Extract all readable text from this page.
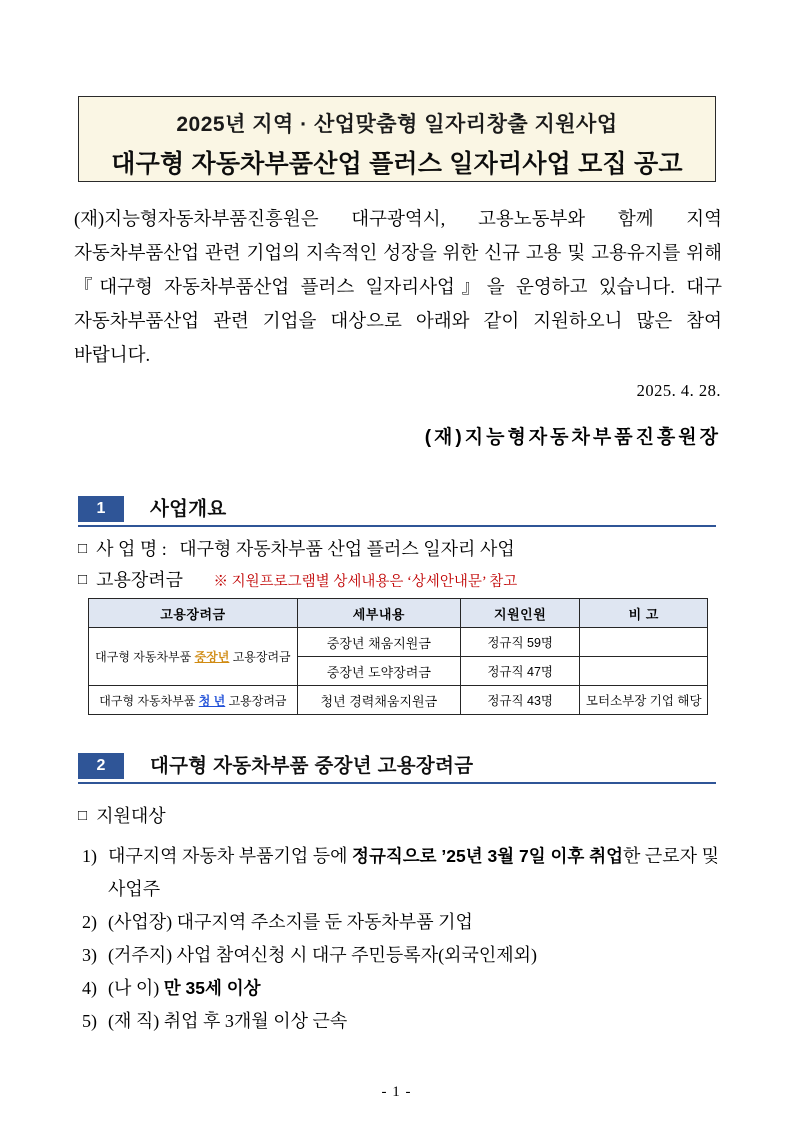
2025년 지역 · 산업맞춤형 일자리창출 지원사업
대구형 자동차부품산업 플러스 일자리사업 모집 공고

(재)지능형자동차부품진흥원은 대구광역시, 고용노동부와 함께 지역 자동차부품산업 관련 기업의 지속적인 성장을 위한 신규 고용 및 고용유지를 위해 『대구형 자동차부품산업 플러스 일자리사업』을 운영하고 있습니다. 대구 자동차부품산업 관련 기업을 대상으로 아래와 같이 지원하오니 많은 참여 바랍니다.

2025. 4. 28.
(재)지능형자동차부품진흥원장
1	사업개요
□ 사 업 명 : 대구형 자동차부품 산업 플러스 일자리 사업
□ 고용장려금 ※ 지원프로그램별 상세내용은 ‘상세안내문’ 참고
고용장려금	세부내용	지원인원	비 고
대구형 자동차부품 중장년 고용장려금	중장년 채움지원금	정규직 59명	
	중장년 도약장려금	정규직 47명	
대구형 자동차부품 청 년 고용장려금	청년 경력채움지원금	정규직 43명	모터소부장 기업 해당
2	대구형 자동차부품 중장년 고용장려금
□ 지원대상
1) 대구지역 자동차 부품기업 등에 정규직으로 ’25년 3월 7일 이후 취업한 근로자 및 사업주
2) (사업장) 대구지역 주소지를 둔 자동차부품 기업
3) (거주지) 사업 참여신청 시 대구 주민등록자(외국인제외)
4) (나 이) 만 35세 이상
5) (재 직) 취업 후 3개월 이상 근속
- 1 -
